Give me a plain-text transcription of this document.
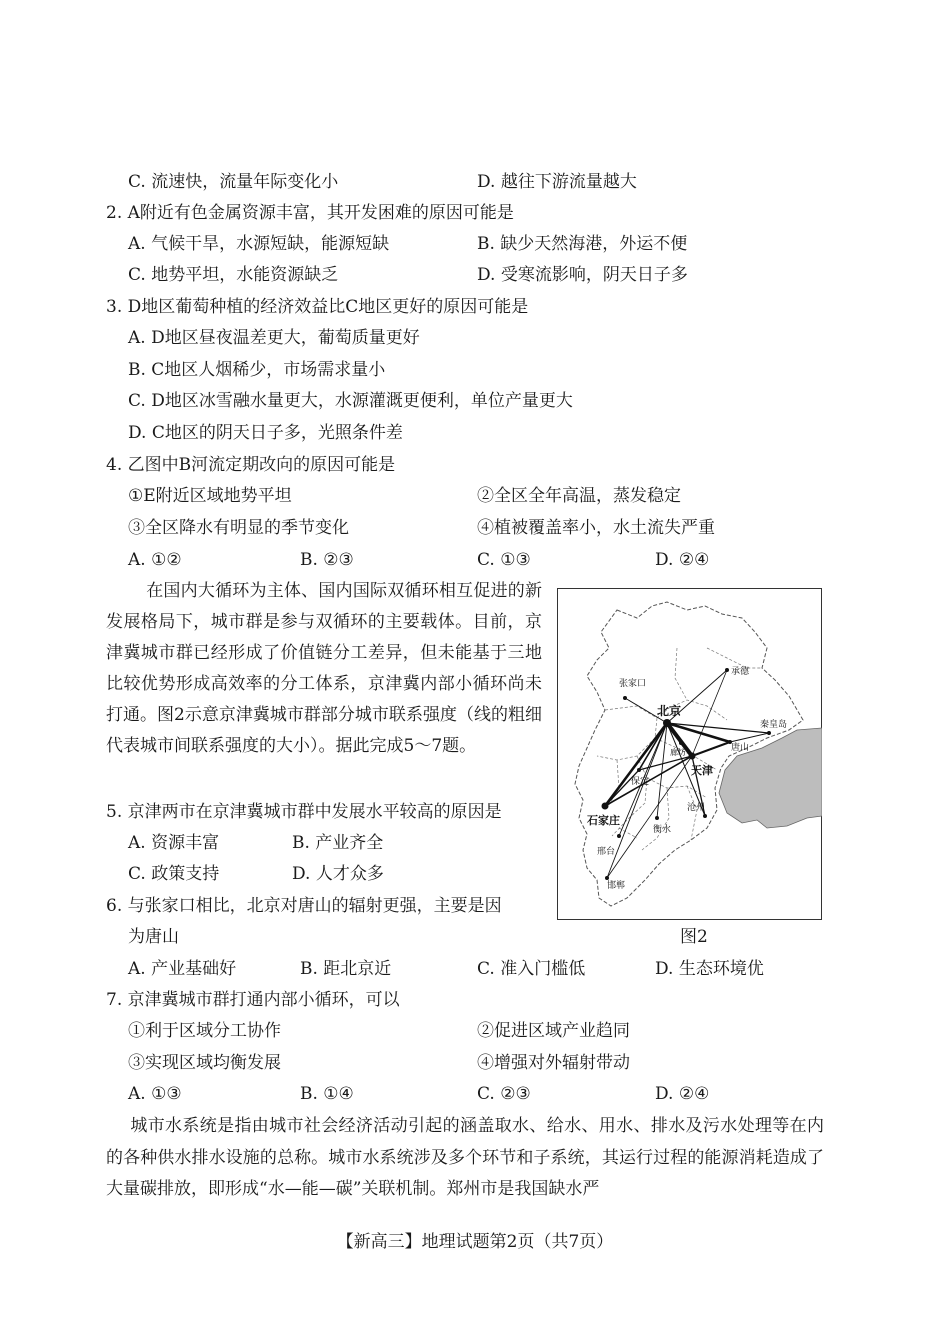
C. 流速快，流量年际变化小	D. 越往下游流量越大
2. A附近有色金属资源丰富，其开发困难的原因可能是
A. 气候干旱，水源短缺，能源短缺	B. 缺少天然海港，外运不便
C. 地势平坦，水能资源缺乏	D. 受寒流影响，阴天日子多
3. D地区葡萄种植的经济效益比C地区更好的原因可能是
A. D地区昼夜温差更大，葡萄质量更好
B. C地区人烟稀少，市场需求量小
C. D地区冰雪融水量更大，水源灌溉更便利，单位产量更大
D. C地区的阴天日子多，光照条件差
4. 乙图中B河流定期改向的原因可能是
①E附近区域地势平坦	②全区全年高温，蒸发稳定
③全区降水有明显的季节变化	④植被覆盖率小，水土流失严重
A. ①②	B. ②③	C. ①③	D. ②④
在国内大循环为主体、国内国际双循环相互促进的新发展格局下，城市群是参与双循环的主要载体。目前，京津冀城市群已经形成了价值链分工差异，但未能基于三地比较优势形成高效率的分工体系，京津冀内部小循环尚未打通。图2示意京津冀城市群部分城市联系强度（线的粗细代表城市间联系强度的大小）。据此完成5～7题。
5. 京津两市在京津冀城市群中发展水平较高的原因是
A. 资源丰富	B. 产业齐全
C. 政策支持	D. 人才众多
6. 与张家口相比，北京对唐山的辐射更强，主要是因
为唐山	图2
A. 产业基础好	B. 距北京近	C. 准入门槛低	D. 生态环境优
7. 京津冀城市群打通内部小循环，可以
①利于区域分工协作	②促进区域产业趋同
③实现区域均衡发展	④增强对外辐射带动
A. ①③	B. ①④	C. ②③	D. ②④
城市水系统是指由城市社会经济活动引起的涵盖取水、给水、用水、排水及污水处理等在内的各种供水排水设施的总称。城市水系统涉及多个环节和子系统，其运行过程的能源消耗造成了大量碳排放，即形成“水—能—碳”关联机制。郑州市是我国缺水严
北京
天津
石家庄
张家口
承德
秦皇岛
唐山
廊坊
保定
沧州
衡水
邢台
邯郸
【新高三】地理试题第2页（共7页）
